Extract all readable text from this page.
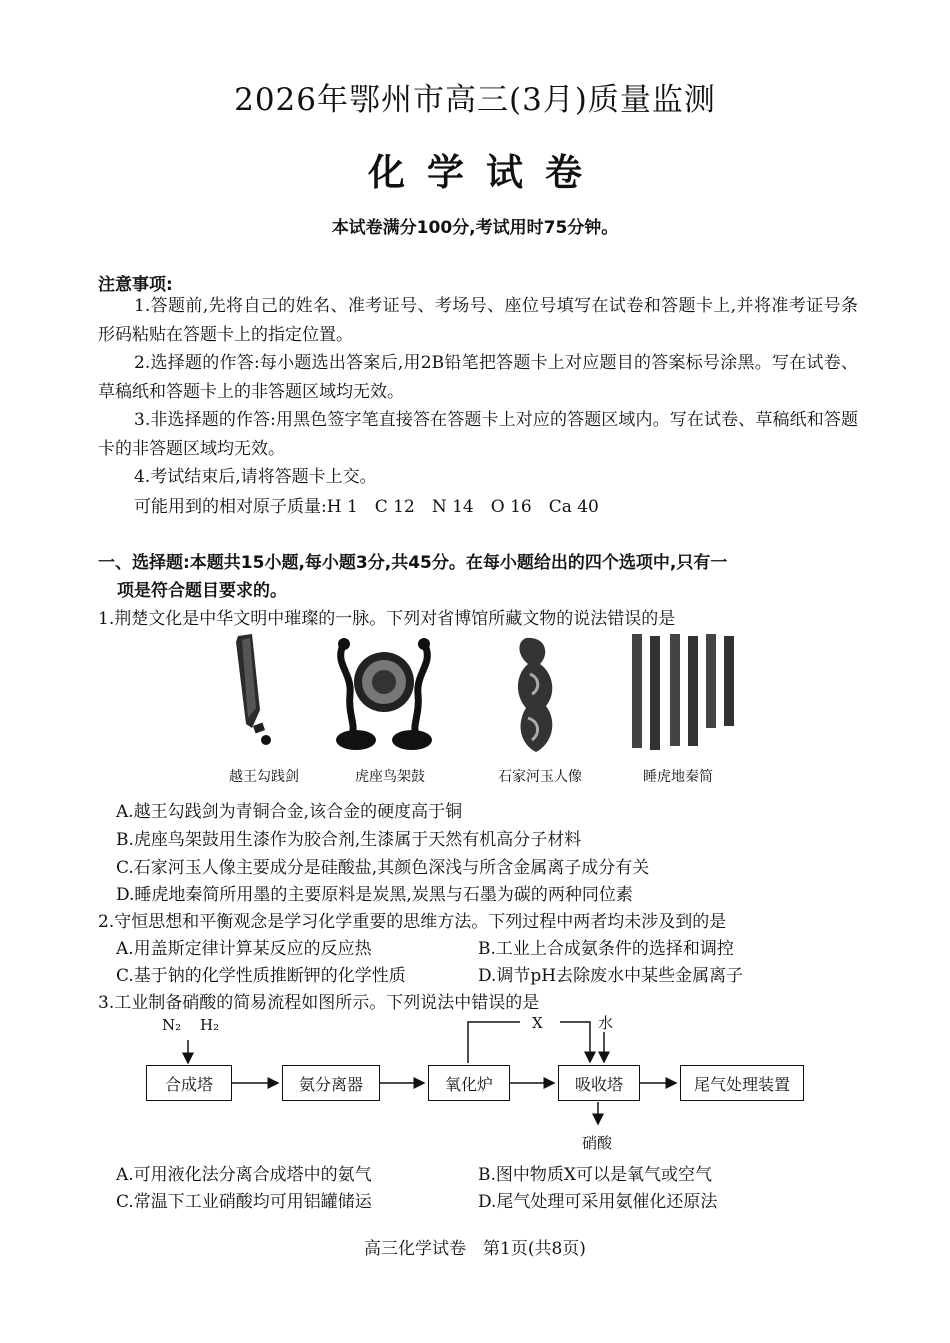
2026年鄂州市高三(3月)质量监测
化学试卷
本试卷满分100分,考试用时75分钟。
注意事项:
1.答题前,先将自己的姓名、准考证号、考场号、座位号填写在试卷和答题卡上,并将准考证号条形码粘贴在答题卡上的指定位置。
2.选择题的作答:每小题选出答案后,用2B铅笔把答题卡上对应题目的答案标号涂黑。写在试卷、草稿纸和答题卡上的非答题区域均无效。
3.非选择题的作答:用黑色签字笔直接答在答题卡上对应的答题区域内。写在试卷、草稿纸和答题卡的非答题区域均无效。
4.考试结束后,请将答题卡上交。
可能用到的相对原子质量:H 1　C 12　N 14　O 16　Ca 40
一、选择题:本题共15小题,每小题3分,共45分。在每小题给出的四个选项中,只有一
项是符合题目要求的。
1.荆楚文化是中华文明中璀璨的一脉。下列对省博馆所藏文物的说法错误的是
越王勾践剑	虎座鸟架鼓	石家河玉人像	睡虎地秦简
A.越王勾践剑为青铜合金,该合金的硬度高于铜
B.虎座鸟架鼓用生漆作为胶合剂,生漆属于天然有机高分子材料
C.石家河玉人像主要成分是硅酸盐,其颜色深浅与所含金属离子成分有关
D.睡虎地秦简所用墨的主要原料是炭黑,炭黑与石墨为碳的两种同位素
2.守恒思想和平衡观念是学习化学重要的思维方法。下列过程中两者均未涉及到的是
A.用盖斯定律计算某反应的反应热	B.工业上合成氨条件的选择和调控
C.基于钠的化学性质推断钾的化学性质	D.调节pH去除废水中某些金属离子
3.工业制备硝酸的简易流程如图所示。下列说法中错误的是
N₂ H₂	X	水
合成塔	氨分离器	氧化炉	吸收塔	尾气处理装置
硝酸
A.可用液化法分离合成塔中的氨气	B.图中物质X可以是氧气或空气
C.常温下工业硝酸均可用铝罐储运	D.尾气处理可采用氨催化还原法
高三化学试卷　第1页(共8页)
